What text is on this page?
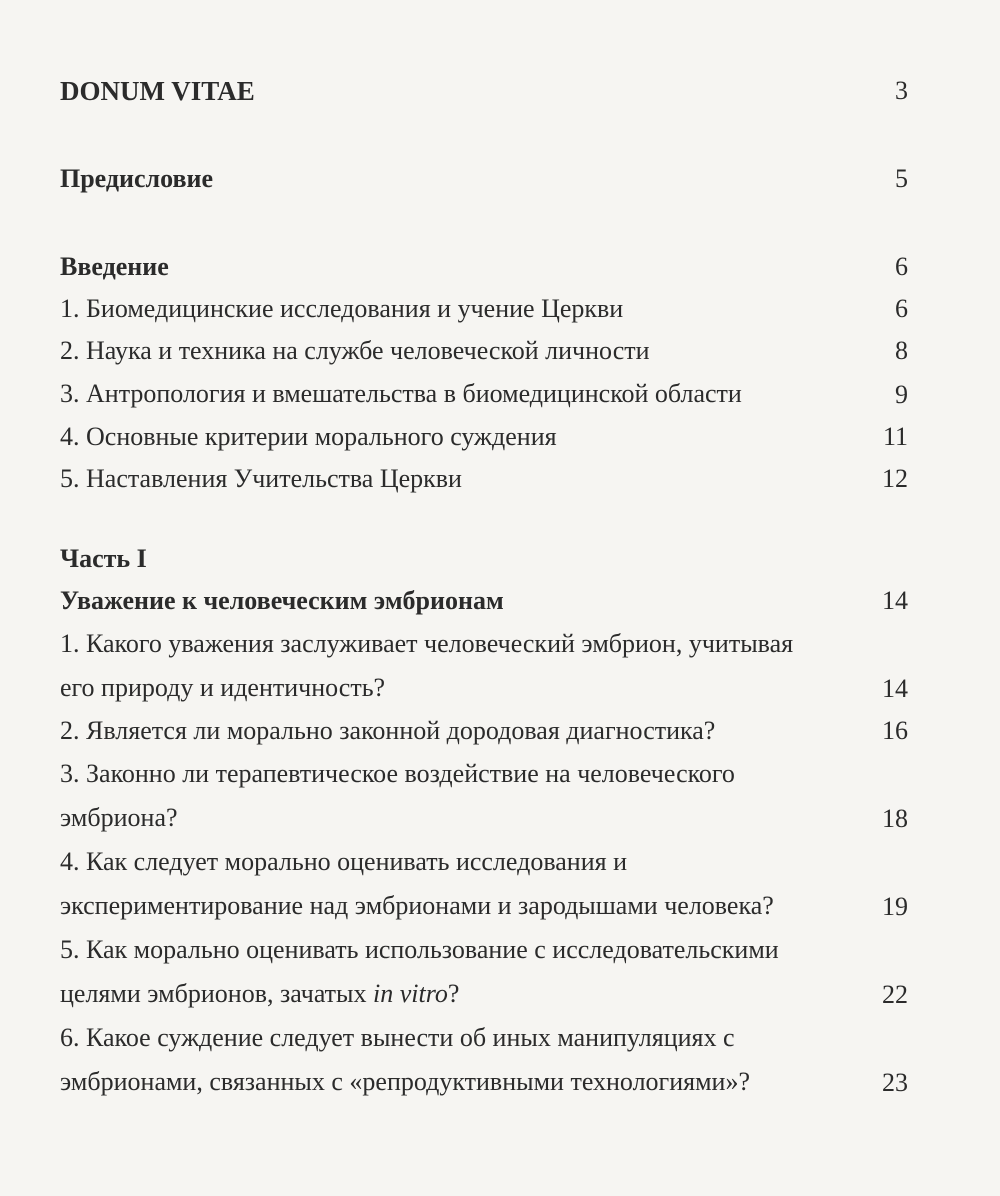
DONUM VITAE	3
Предисловие	5
Введение	6
1. Биомедицинские исследования и учение Церкви	6
2. Наука и техника на службе человеческой личности	8
3. Антропология и вмешательства в биомедицинской области	9
4. Основные критерии морального суждения	11
5. Наставления Учительства Церкви	12
Часть I
Уважение к человеческим эмбрионам	14
1. Какого уважения заслуживает человеческий эмбрион, учитывая его природу и идентичность?	14
2. Является ли морально законной дородовая диагностика?	16
3. Законно ли терапевтическое воздействие на человеческого эмбриона?	18
4. Как следует морально оценивать исследования и экспериментирование над эмбрионами и зародышами человека?	19
5. Как морально оценивать использование с исследовательскими целями эмбрионов, зачатых in vitro?	22
6. Какое суждение следует вынести об иных манипуляциях с эмбрионами, связанных с «репродуктивными технологиями»?	23
